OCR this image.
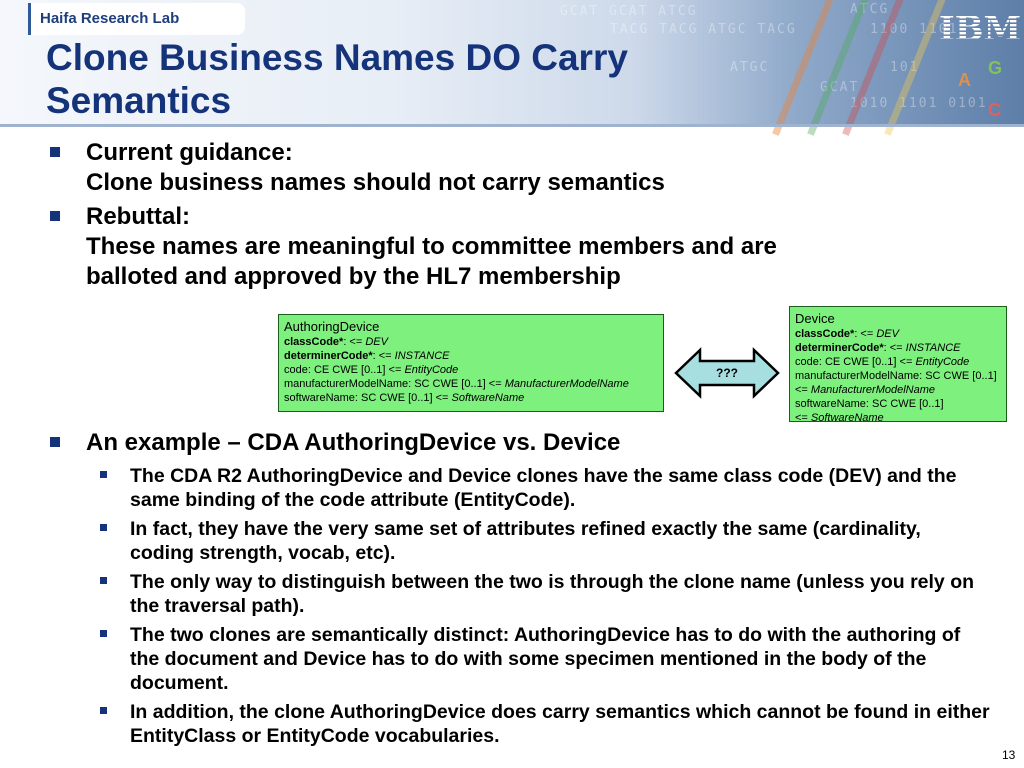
GCAT GCAT ATCG
TACG TACG ATGC TACG
ATCG
1100 1101
ATGC
GCAT
1010 1101 0101
101	G
A
C
Haifa Research Lab
Clone Business Names DO Carry
Semantics
IBM
Current guidance:
Clone business names should not carry semantics
Rebuttal:
These names are meaningful to committee members and are
balloted and approved by the HL7 membership
AuthoringDevice
classCode*: <= DEV
determinerCode*: <= INSTANCE
code: CE CWE [0..1] <= EntityCode
manufacturerModelName: SC CWE [0..1] <= ManufacturerModelName
softwareName: SC CWE [0..1] <= SoftwareName
???
Device
classCode*: <= DEV
determinerCode*: <= INSTANCE
code: CE CWE [0..1] <= EntityCode
manufacturerModelName: SC CWE [0..1]
<= ManufacturerModelName
softwareName: SC CWE [0..1]
<= SoftwareName
An example – CDA AuthoringDevice vs. Device
The CDA R2 AuthoringDevice and Device clones have the same class code (DEV) and the same binding of the code attribute (EntityCode).
In fact, they have the very same set of attributes refined exactly the same (cardinality, coding strength, vocab, etc).
The only way to distinguish between the two is through the clone name (unless you rely on the traversal path).
The two clones are semantically distinct: AuthoringDevice has to do with the authoring of the document and Device has to do with some specimen mentioned in the body of the document.
In addition, the clone AuthoringDevice does carry semantics which cannot be found in either EntityClass or EntityCode vocabularies.
13
